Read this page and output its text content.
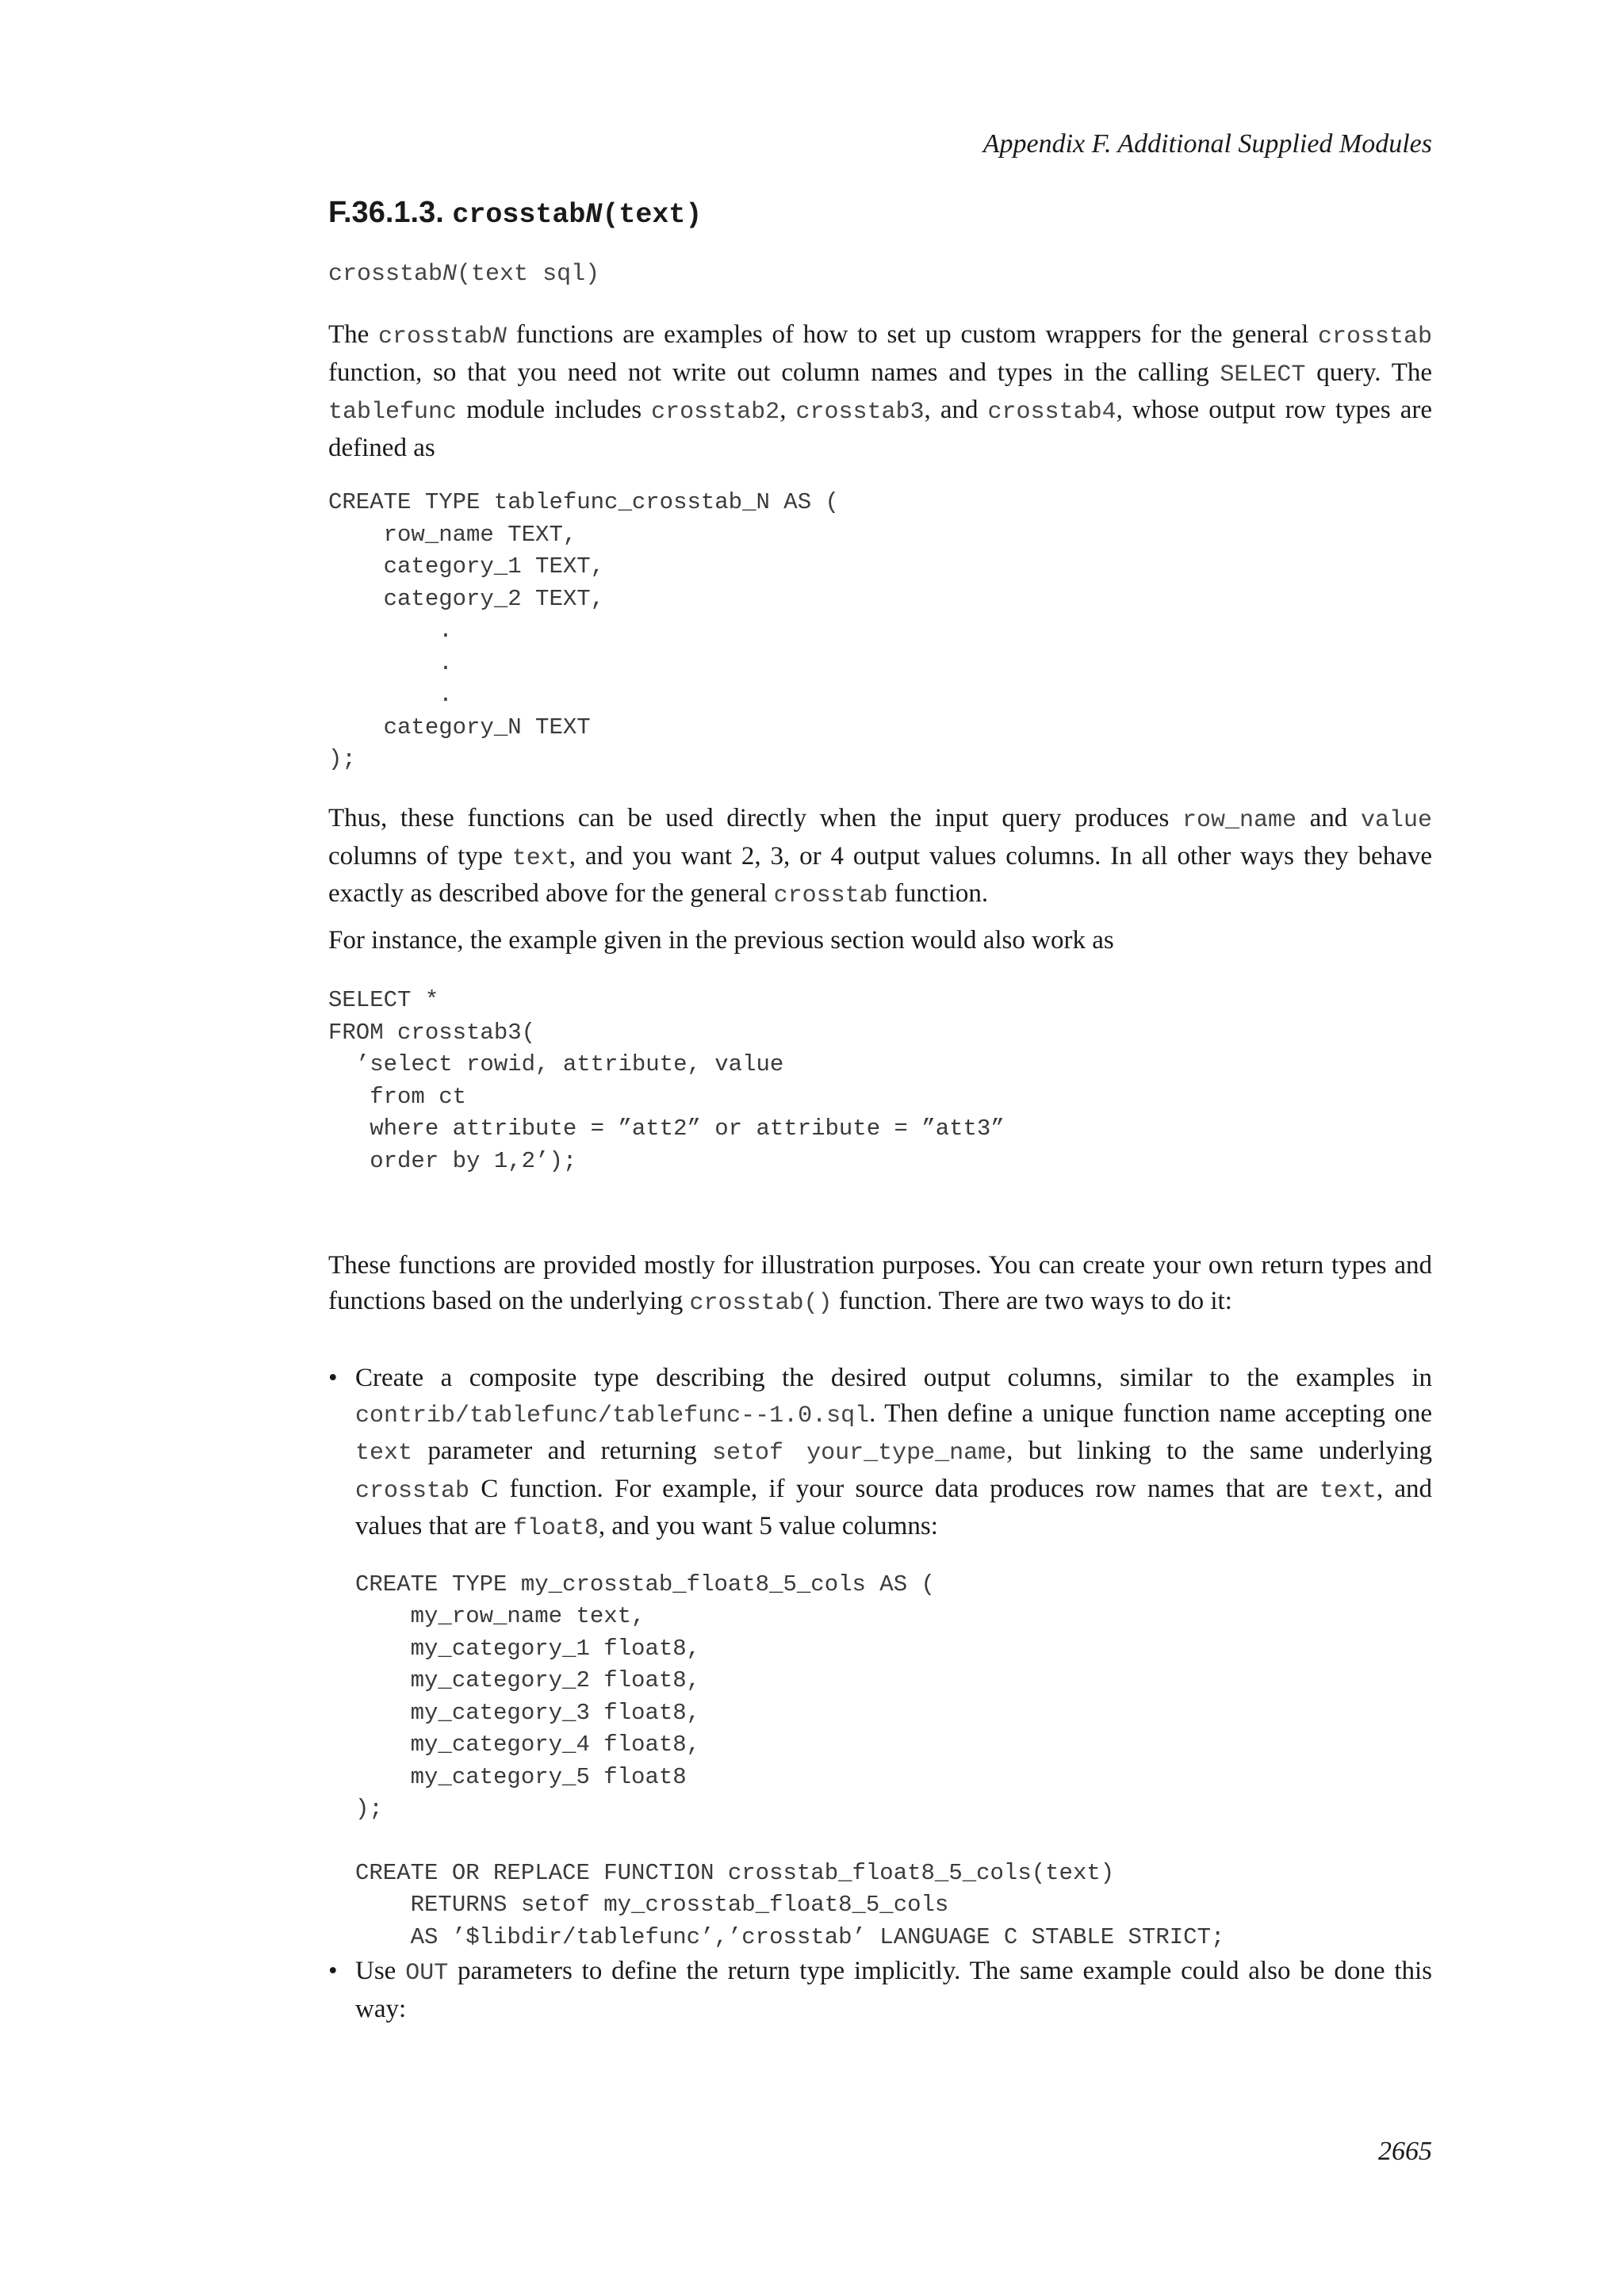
Appendix F. Additional Supplied Modules
F.36.1.3. crosstabN(text)
crosstabN(text sql)

The crosstabN functions are examples of how to set up custom wrappers for the general crosstab function, so that you need not write out column names and types in the calling SELECT query. The tablefunc module includes crosstab2, crosstab3, and crosstab4, whose output row types are defined as

CREATE TYPE tablefunc_crosstab_N AS (
row_name TEXT,
category_1 TEXT,
category_2 TEXT,
.
.
.
category_N TEXT
);

Thus, these functions can be used directly when the input query produces row_name and value columns of type text, and you want 2, 3, or 4 output values columns. In all other ways they behave exactly as described above for the general crosstab function.

For instance, the example given in the previous section would also work as

SELECT *
FROM crosstab3(
’select rowid, attribute, value
from ct
where attribute = ”att2” or attribute = ”att3”
order by 1,2’);

These functions are provided mostly for illustration purposes. You can create your own return types and functions based on the underlying crosstab() function. There are two ways to do it:

• Create a composite type describing the desired output columns, similar to the examples in contrib/tablefunc/tablefunc--1.0.sql. Then define a unique function name accepting one text parameter and returning setof your_type_name, but linking to the same underlying crosstab C function. For example, if your source data produces row names that are text, and values that are float8, and you want 5 value columns:

CREATE TYPE my_crosstab_float8_5_cols AS (
my_row_name text,
my_category_1 float8,
my_category_2 float8,
my_category_3 float8,
my_category_4 float8,
my_category_5 float8
);
CREATE OR REPLACE FUNCTION crosstab_float8_5_cols(text)
RETURNS setof my_crosstab_float8_5_cols
AS ’$libdir/tablefunc’,’crosstab’ LANGUAGE C STABLE STRICT;
• Use OUT parameters to define the return type implicitly. The same example could also be done this way:

2665
